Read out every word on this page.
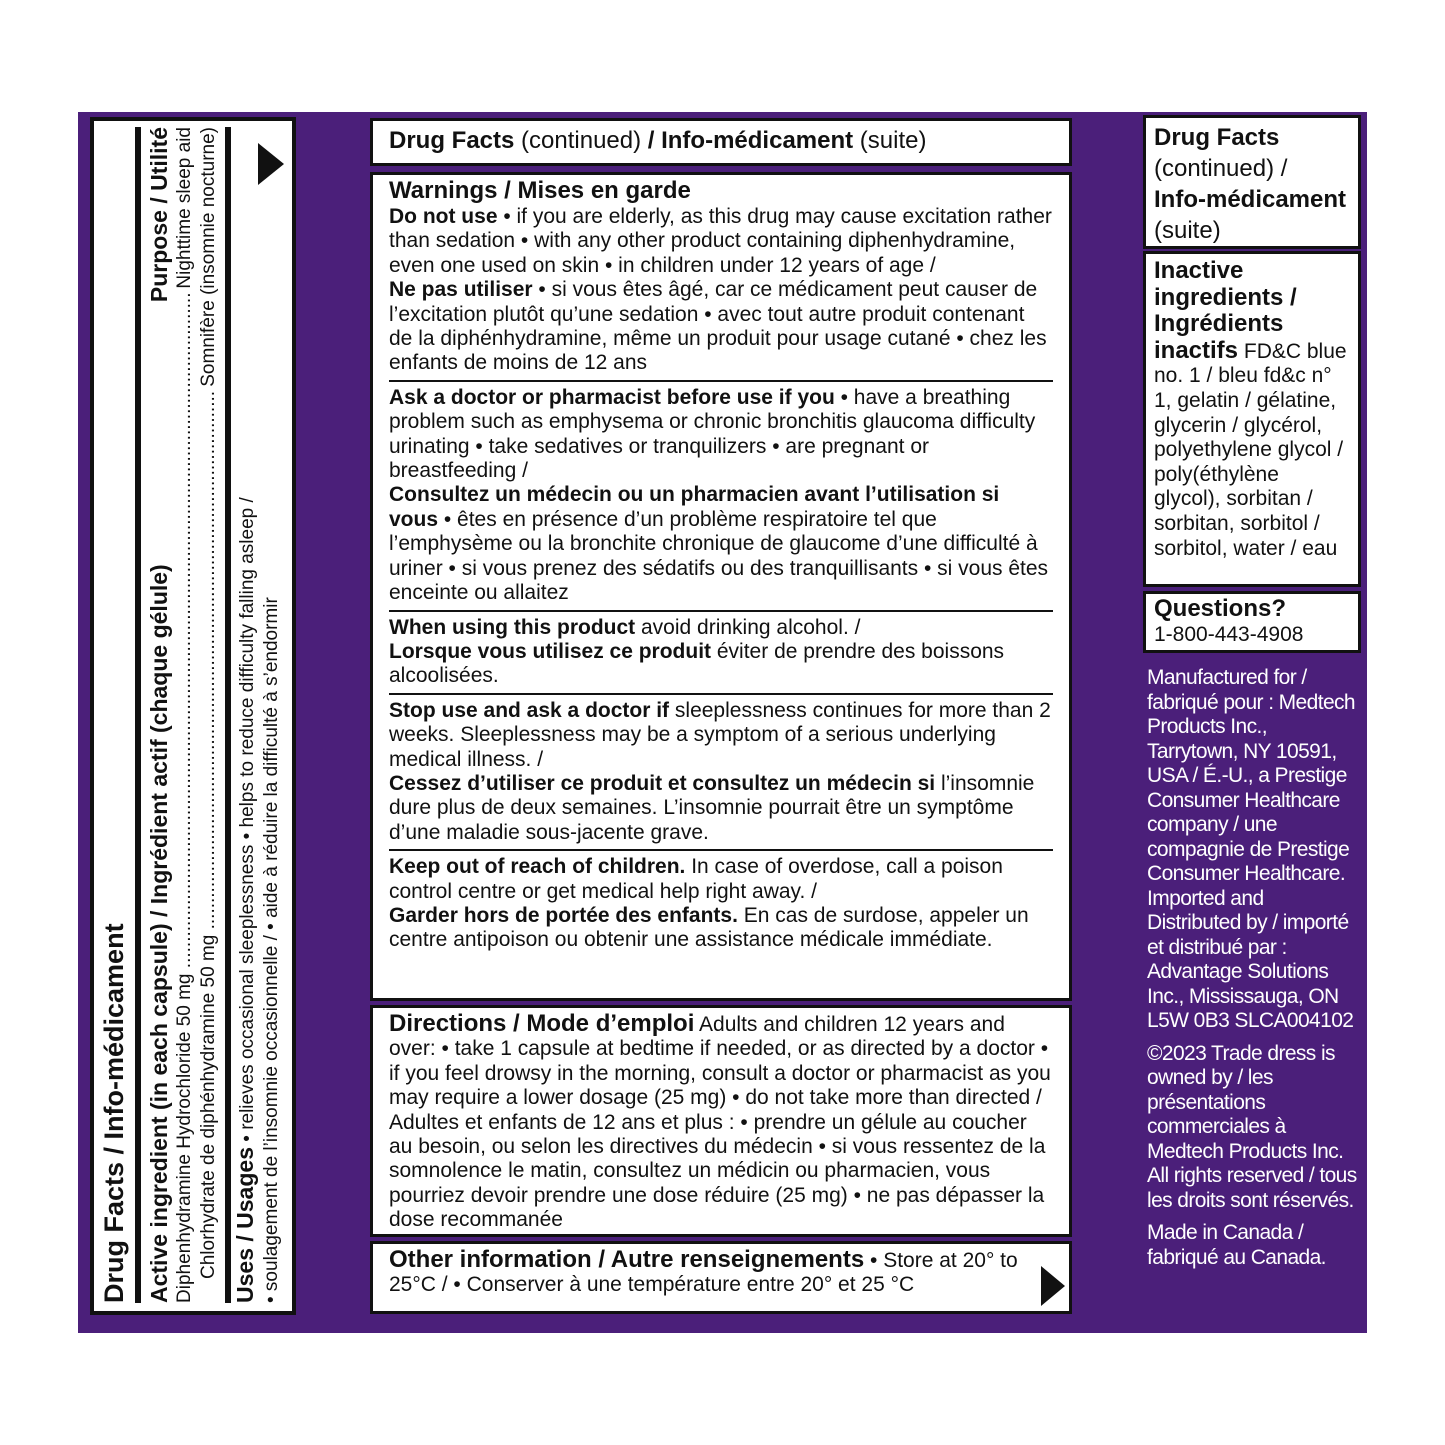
Drug Facts / Info-médicament Active ingredient (in each capsule) / Ingrédient actif (chaque gélule)
Purpose / Utilité
Diphenhydramine Hydrochloride 50 mg .....
Nighttime sleep aid
Chlorhydrate de diphénhydramine 50 mg .....
Somnifère (insomnie nocturne)
Uses / Usages • relieves occasional sleeplessness • helps to reduce difficulty falling asleep / • soulagement de l’insomnie occasionnelle / • aide à réduire la difficulté à s’endormir
Drug Facts (continued) / Info-médicament (suite)
Warnings / Mises en garde
Do not use • if you are elderly, as this drug may cause excitation rather than sedation • with any other product containing diphenhydramine, even one used on skin • in children under 12 years of age /
Ne pas utiliser • si vous êtes âgé, car ce médicament peut causer de l’excitation plutôt qu’une sedation • avec tout autre produit contenant de la diphénhydramine, même un produit pour usage cutané • chez les enfants de moins de 12 ans
Ask a doctor or pharmacist before use if you • have a breathing problem such as emphysema or chronic bronchitis glaucoma difficulty urinating • take sedatives or tranquilizers • are pregnant or breastfeeding /
Consultez un médecin ou un pharmacien avant l’utilisation si vous • êtes en présence d’un problème respiratoire tel que l’emphysème ou la bronchite chronique de glaucome d’une difficulté à uriner • si vous prenez des sédatifs ou des tranquillisants • si vous êtes enceinte ou allaitez
When using this product avoid drinking alcohol. /
Lorsque vous utilisez ce produit éviter de prendre des boissons alcoolisées.
Stop use and ask a doctor if sleeplessness continues for more than 2 weeks. Sleeplessness may be a symptom of a serious underlying medical illness. /
Cessez d’utiliser ce produit et consultez un médecin si l’insomnie dure plus de deux semaines. L’insomnie pourrait être un symptôme d’une maladie sous-jacente grave.
Keep out of reach of children. In case of overdose, call a poison control centre or get medical help right away. /
Garder hors de portée des enfants. En cas de surdose, appeler un centre antipoison ou obtenir une assistance médicale immédiate.
Directions / Mode d’emploi Adults and children 12 years and over: • take 1 capsule at bedtime if needed, or as directed by a doctor • if you feel drowsy in the morning, consult a doctor or pharmacist as you may require a lower dosage (25 mg) • do not take more than directed / Adultes et enfants de 12 ans et plus : • prendre un gélule au coucher au besoin, ou selon les directives du médecin • si vous ressentez de la somnolence le matin, consultez un médicin ou pharmacien, vous pourriez devoir prendre une dose réduire (25 mg) • ne pas dépasser la dose recommanée
Other information / Autre renseignements • Store at 20° to 25°C / • Conserver à une température entre 20° et 25 °C
Drug Facts
(continued) /
Info-médicament
(suite)
Inactive ingredients / Ingrédients inactifs FD&C blue no. 1 / bleu fd&c n° 1, gelatin / gélatine, glycerin / glycérol, polyethylene glycol / poly(éthylène glycol), sorbitan / sorbitan, sorbitol / sorbitol, water / eau
Questions?
1-800-443-4908

Manufactured for / fabriqué pour : Medtech Products Inc., Tarrytown, NY 10591, USA / É.-U., a Prestige Consumer Healthcare company / une compagnie de Prestige Consumer Healthcare. Imported and Distributed by / importé et distribué par : Advantage Solutions Inc., Mississauga, ON L5W 0B3 SLCA004102

©2023 Trade dress is owned by / les présentations commerciales à Medtech Products Inc. All rights reserved / tous les droits sont réservés.

Made in Canada / fabriqué au Canada.
